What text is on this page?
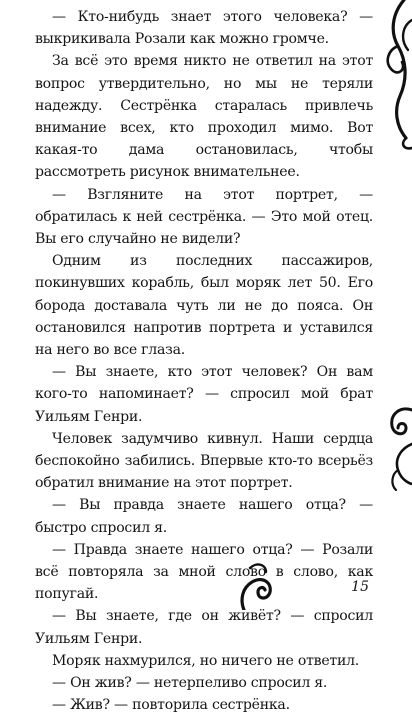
— Кто-нибудь знает этого человека? — выкрикивала Розали как можно громче.

За всё это время никто не ответил на этот вопрос утвердительно, но мы не теряли надежду. Сестрёнка старалась привлечь внимание всех, кто проходил мимо. Вот какая-то дама остановилась, чтобы рассмотреть рисунок внимательнее.

— Взгляните на этот портрет, — обратилась к ней сестрёнка. — Это мой отец. Вы его случайно не видели?

Одним из последних пассажиров, покинувших корабль, был моряк лет 50. Его борода доставала чуть ли не до пояса. Он остановился напротив портрета и уставился на него во все глаза.

— Вы знаете, кто этот человек? Он вам кого-то напоминает? — спросил мой брат Уильям Генри.

Человек задумчиво кивнул. Наши сердца беспокойно забились. Впервые кто-то всерьёз обратил внимание на этот портрет.

— Вы правда знаете нашего отца? — быстро спросил я.

— Правда знаете нашего отца? — Розали всё повторяла за мной слово в слово, как попугай.

— Вы знаете, где он живёт? — спросил Уильям Генри.

Моряк нахмурился, но ничего не ответил.

— Он жив? — нетерпеливо спросил я.

— Жив? — повторила сестрёнка.

15
